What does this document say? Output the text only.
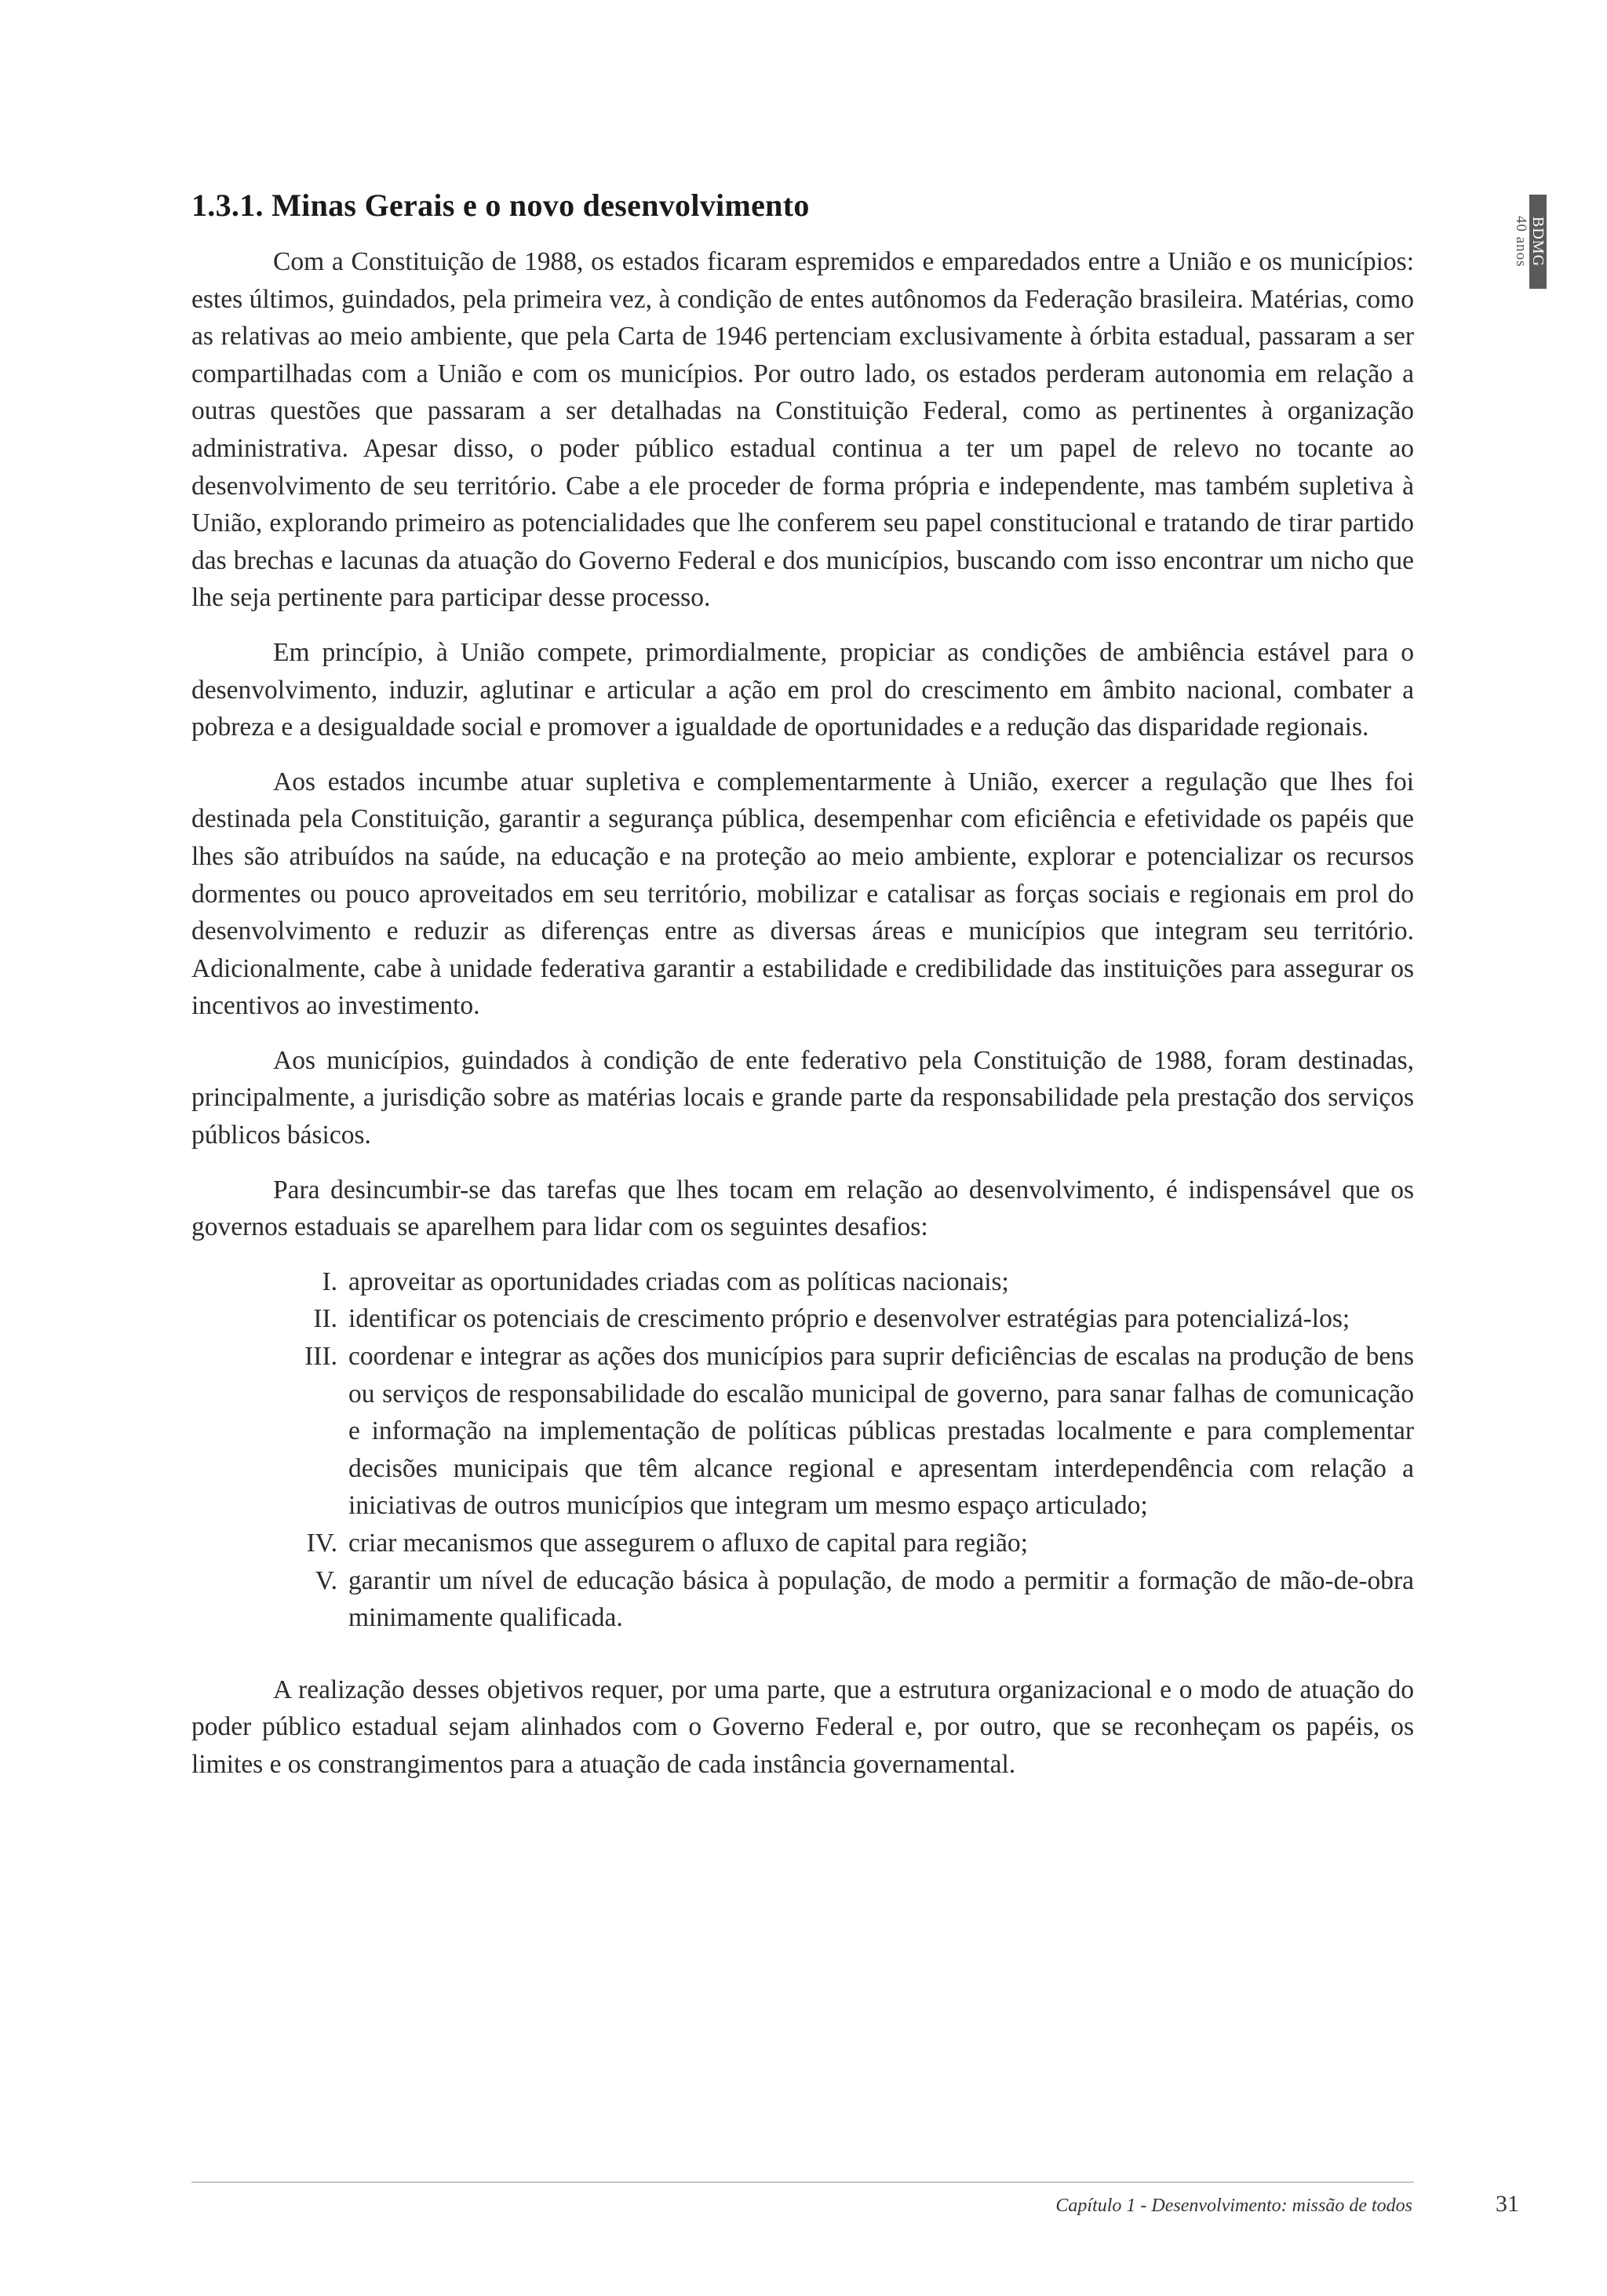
BDMG
40 anos
1.3.1. Minas Gerais e o novo desenvolvimento

Com a Constituição de 1988, os estados ficaram espremidos e emparedados entre a União e os municípios: estes últimos, guindados, pela primeira vez, à condição de entes autônomos da Federação brasileira. Matérias, como as relativas ao meio ambiente, que pela Carta de 1946 pertenciam exclusivamente à órbita estadual, passaram a ser compartilhadas com a União e com os municípios. Por outro lado, os estados perderam autonomia em relação a outras questões que passaram a ser detalhadas na Constituição Federal, como as pertinentes à organização administrativa. Apesar disso, o poder público estadual continua a ter um papel de relevo no tocante ao desenvolvimento de seu território. Cabe a ele proceder de forma própria e independente, mas também supletiva à União, explorando primeiro as potencialidades que lhe conferem seu papel constitucional e tratando de tirar partido das brechas e lacunas da atuação do Governo Federal e dos municípios, buscando com isso encontrar um nicho que lhe seja pertinente para participar desse processo.

Em princípio, à União compete, primordialmente, propiciar as condições de ambiência estável para o desenvolvimento, induzir, aglutinar e articular a ação em prol do crescimento em âmbito nacional, combater a pobreza e a desigualdade social e promover a igualdade de oportunidades e a redução das disparidade regionais.

Aos estados incumbe atuar supletiva e complementarmente à União, exercer a regulação que lhes foi destinada pela Constituição, garantir a segurança pública, desempenhar com eficiência e efetividade os papéis que lhes são atribuídos na saúde, na educação e na proteção ao meio ambiente, explorar e potencializar os recursos dormentes ou pouco aproveitados em seu território, mobilizar e catalisar as forças sociais e regionais em prol do desenvolvimento e reduzir as diferenças entre as diversas áreas e municípios que integram seu território. Adicionalmente, cabe à unidade federativa garantir a estabilidade e credibilidade das instituições para assegurar os incentivos ao investimento.

Aos municípios, guindados à condição de ente federativo pela Constituição de 1988, foram destinadas, principalmente, a jurisdição sobre as matérias locais e grande parte da responsabilidade pela prestação dos serviços públicos básicos.

Para desincumbir-se das tarefas que lhes tocam em relação ao desenvolvimento, é indispensável que os governos estaduais se aparelhem para lidar com os seguintes desafios:

I. aproveitar as oportunidades criadas com as políticas nacionais;
II. identificar os potenciais de crescimento próprio e desenvolver estratégias para potencializá-los;
III. coordenar e integrar as ações dos municípios para suprir deficiências de escalas na produção de bens ou serviços de responsabilidade do escalão municipal de governo, para sanar falhas de comunicação e informação na implementação de políticas públicas prestadas localmente e para complementar decisões municipais que têm alcance regional e apresentam interdependência com relação a iniciativas de outros municípios que integram um mesmo espaço articulado;
IV. criar mecanismos que assegurem o afluxo de capital para região;
V. garantir um nível de educação básica à população, de modo a permitir a formação de mão-de-obra minimamente qualificada.

A realização desses objetivos requer, por uma parte, que a estrutura organizacional e o modo de atuação do poder público estadual sejam alinhados com o Governo Federal e, por outro, que se reconheçam os papéis, os limites e os constrangimentos para a atuação de cada instância governamental.

Capítulo 1 - Desenvolvimento: missão de todos	31
